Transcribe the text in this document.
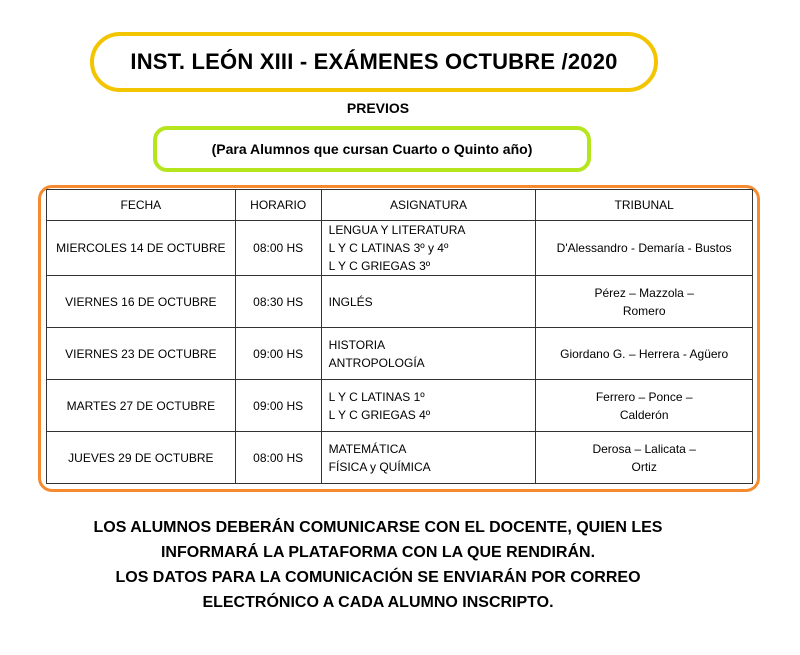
INST. LEÓN XIII - EXÁMENES OCTUBRE /2020
PREVIOS
(Para Alumnos que cursan Cuarto o Quinto año)
FECHA	HORARIO	ASIGNATURA	TRIBUNAL
MIERCOLES 14 DE OCTUBRE	08:00 HS	LENGUA Y LITERATURA
L Y C LATINAS 3º y 4º
L Y C GRIEGAS 3º	D'Alessandro - Demaría - Bustos

VIERNES 16 DE OCTUBRE	08:30 HS	INGLÉS	Pérez – Mazzola –
Romero

VIERNES 23 DE OCTUBRE	09:00 HS	HISTORIA
ANTROPOLOGÍA	Giordano G. – Herrera - Agüero

MARTES 27 DE OCTUBRE	09:00 HS	L Y C LATINAS 1º
L Y C GRIEGAS 4º	Ferrero – Ponce –
Calderón

JUEVES 29 DE OCTUBRE	08:00 HS	MATEMÁTICA
FÍSICA y QUÍMICA	Derosa – Lalicata –
Ortiz
LOS ALUMNOS DEBERÁN COMUNICARSE CON EL DOCENTE, QUIEN LES
INFORMARÁ LA PLATAFORMA CON LA QUE RENDIRÁN.
LOS DATOS PARA LA COMUNICACIÓN SE ENVIARÁN POR CORREO
ELECTRÓNICO A CADA ALUMNO INSCRIPTO.
